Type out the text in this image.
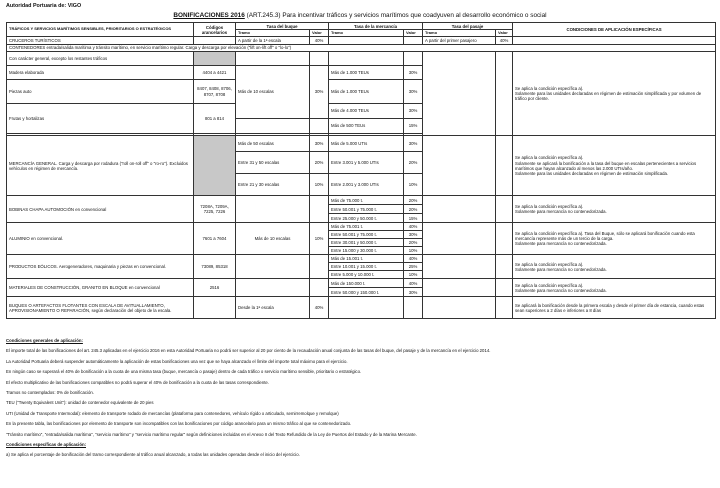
Autoridad Portuaria de: VIGO
BONIFICACIONES 2016 (ART.245.3) Para incentivar tráficos y servicios marítimos que coadyuven al desarrollo económico o social
TRÁFICOS Y SERVICIOS MARÍTIMOS SENSIBLES, PRIORITARIOS O ESTRATÉGICOS	Códigos arancelarios	Tasa del buque		Tasa de la mercancía		Tasa del pasaje		CONDICIONES DE APLICACIÓN ESPECÍFICAS
		Tramo	Valor	Tramo	Valor	Tramo	Valor	
CRUCEROS TURÍSTICOS		A partir de la 1ª escala	40%			A partir del primer pasajero	40%	
CONTENEDORES entrada/salida marítima y tránsito marítimo, en servicio marítimo regular. Carga y descarga por elevación ("lift on-lift off" o "lo-lo")								
Con carácter general, excepto los restantes tráficos								Se aplica la condición específica a).
Solamente para las unidades declaradas en régimen de estimación simplificada y por volumen de tráfico por cliente.

Madera elaborada	4404 a 4421	Más de 10 escalas	30%	Más de 1.000 TEUs	30%			
Piezas auto	8407, 8408, 8706, 8707, 8708			Más de 1.000 TEUs	30%			
Frutas y hortalizas	801 a 814			Más de 4.000 TEUs	30%			
				Más de 500 TEUs	15%			

MERCANCÍA GENERAL. Carga y descarga por rodadura ("roll on-roll off" o "ro-ro"). Excluidos vehículos en régimen de mercancía.		Más de 50 escalas	30%	Más de 5.000 UTIs	30%			Se aplica la condición específica a).
Solamente se aplicará la bonificación a la tasa del buque en escalas pertenecientes a servicios marítimos que hayan alcanzado al menos las 2.000 UTIs/año.
Solamente para las unidades declaradas en régimen de estimación simplificada.

		Entre 31 y 50 escalas	20%	Entre 3.001 y 5.000 UTIs	20%			
		Entre 21 y 30 escalas	10%	Entre 2.001 y 3.000 UTIs	10%			
BOBINAS CHAPA AUTOMOCIÓN en convencional	7208A, 7209A, 7225, 7226			Más de 75.000 t.	20%			Se aplica la condición específica a).
Solamente para mercancía no contenedorizada.

				Entre 50.001 y 75.000 t.	20%			
				Entre 25.000 y 50.000 t.	15%			
ALUMINIO en convencional.	7601 a 7604	Más de 10 escalas	10%	Más de 75.001 t.	40%			Se aplica la condición específica a). Tasa del Buque, sólo se aplicará bonificación cuando esta mercancía represente más de un tercio de la carga.
Solamente para mercancía no contenedorizada.

				Entre 50.001 y 75.000 t.	30%			
				Entre 30.001 y 50.000 t.	20%			
				Entre 15.000 y 30.000 t.	10%			
PRODUCTOS EÓLICOS. Aerogeneradores, maquinaria y piezas en convencional.	73089, 85318			Más de 15.001 t.	40%			Se aplica la condición específica a).
Solamente para mercancía no contenedorizada.

				Entre 10.001 y 15.000 t.	25%			
				Entre 5.000 y 10.000 t.	10%			
MATERIALES DE CONSTRUCCIÓN, GRANITO EN BLOQUE en convencional	2516			Más de 150.000 t.	40%			Se aplica la condición específica a).
Solamente para mercancía no contenedorizada.

				Entre 50.000 y 150.000 t.	30%			
BUQUES O ARTEFACTOS FLOTANTES CON ESCALA DE AVITUALLAMIENTO, APROVISIONAMIENTO O REPARACIÓN, según declaración del objeto de la escala.		Desde la 1ª escala	40%					Se aplicará la bonificación desde la primera escala y desde el primer día de estancia, cuando estas sean superiores a 2 días e inferiores a 8 días

Condiciones generales de aplicación:

El importe total de las bonificaciones del art. 245.3 aplicadas en el ejercicio 2016 en esta Autoridad Portuaria no podrá ser superior al 20 por ciento de la recaudación anual conjunta de las tasas del buque, del pasaje y de la mercancía en el ejercicio 2014.

La Autoridad Portuaria deberá suspender automáticamente la aplicación de estas bonificaciones una vez que se haya alcanzado el límite del importe total máximo para el ejercicio.

En ningún caso se superará el 40% de bonificación a la cuota de una misma tasa (buque, mercancía o pasaje) dentro de cada tráfico o servicio marítimo sensible, prioritario o estratégico.

El efecto multiplicativo de las bonificaciones compatibles no podrá superar el 40% de bonificación a la cuota de las tasas correspondiente.

Tramos no contemplados: 0% de bonificación.

TEU ("Twenty Equivalent Unit"): unidad de contenedor equivalente de 20 pies

UTI (Unidad de Transporte Intermodal): elemento de transporte rodado de mercancías (plataforma para contenedores, vehículo rígido o articulado, semirremolque y remolque)

En la presente tabla, las bonificaciones por elemento de transporte son incompatibles con las bonificaciones por código arancelario para un mismo tráfico al que se contenedorizado.

"Tránsito marítimo", "entrada/salida marítima", "servicio marítimo" y "servicio marítimo regular" según definiciones incluidas en el Anexo II del Texto Refundido de la Ley de Puertos del Estado y de la Marina Mercante.

Condiciones específicas de aplicación:

a) Se aplica el porcentaje de bonificación del tramo correspondiente al tráfico anual alcanzado, a todas las unidades operadas desde el inicio del ejercicio.
